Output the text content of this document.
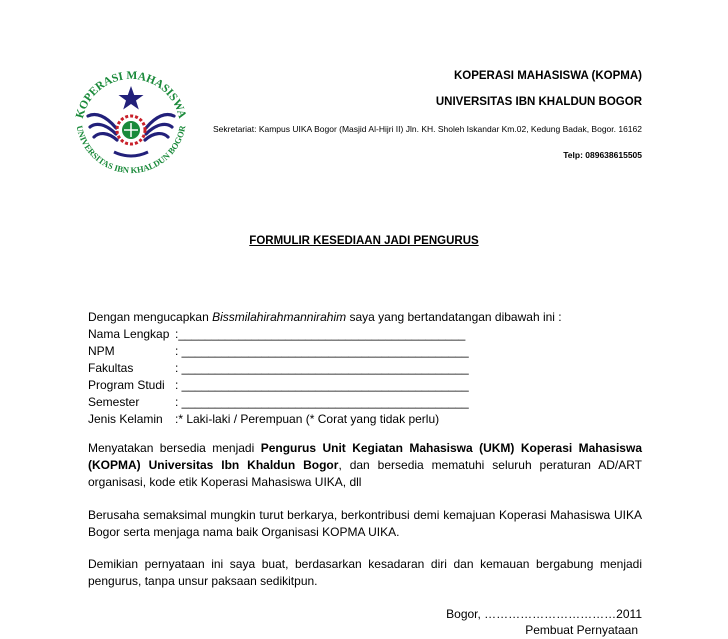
KOPERASI MAHASISWA
UNIVERSITAS IBN KHALDUN BOGOR
KOPERASI MAHASISWA (KOPMA)
UNIVERSITAS IBN KHALDUN BOGOR
Sekretariat: Kampus UIKA Bogor (Masjid Al-Hijri II) Jln. KH. Sholeh Iskandar Km.02, Kedung Badak, Bogor. 16162
Telp: 089638615505
FORMULIR KESEDIAAN JADI PENGURUS
Dengan mengucapkan Bissmilahirahmannirahim saya yang bertandatangan dibawah ini :
Nama Lengkap :___________________________________________
NPM	: ___________________________________________
Fakultas	: ___________________________________________
Program Studi : ___________________________________________
Semester	: ___________________________________________
Jenis Kelamin	:* Laki-laki / Perempuan (* Corat yang tidak perlu)
Menyatakan bersedia menjadi Pengurus Unit Kegiatan Mahasiswa (UKM) Koperasi Mahasiswa (KOPMA) Universitas Ibn Khaldun Bogor, dan bersedia mematuhi seluruh peraturan AD/ART organisasi, kode etik Koperasi Mahasiswa UIKA, dll
Berusaha semaksimal mungkin turut berkarya, berkontribusi demi kemajuan Koperasi Mahasiswa UIKA Bogor serta menjaga nama baik Organisasi KOPMA UIKA.
Demikian pernyataan ini saya buat, berdasarkan kesadaran diri dan kemauan bergabung menjadi pengurus, tanpa unsur paksaan sedikitpun.
Bogor, ……………………………2011
Pembuat Pernyataan
